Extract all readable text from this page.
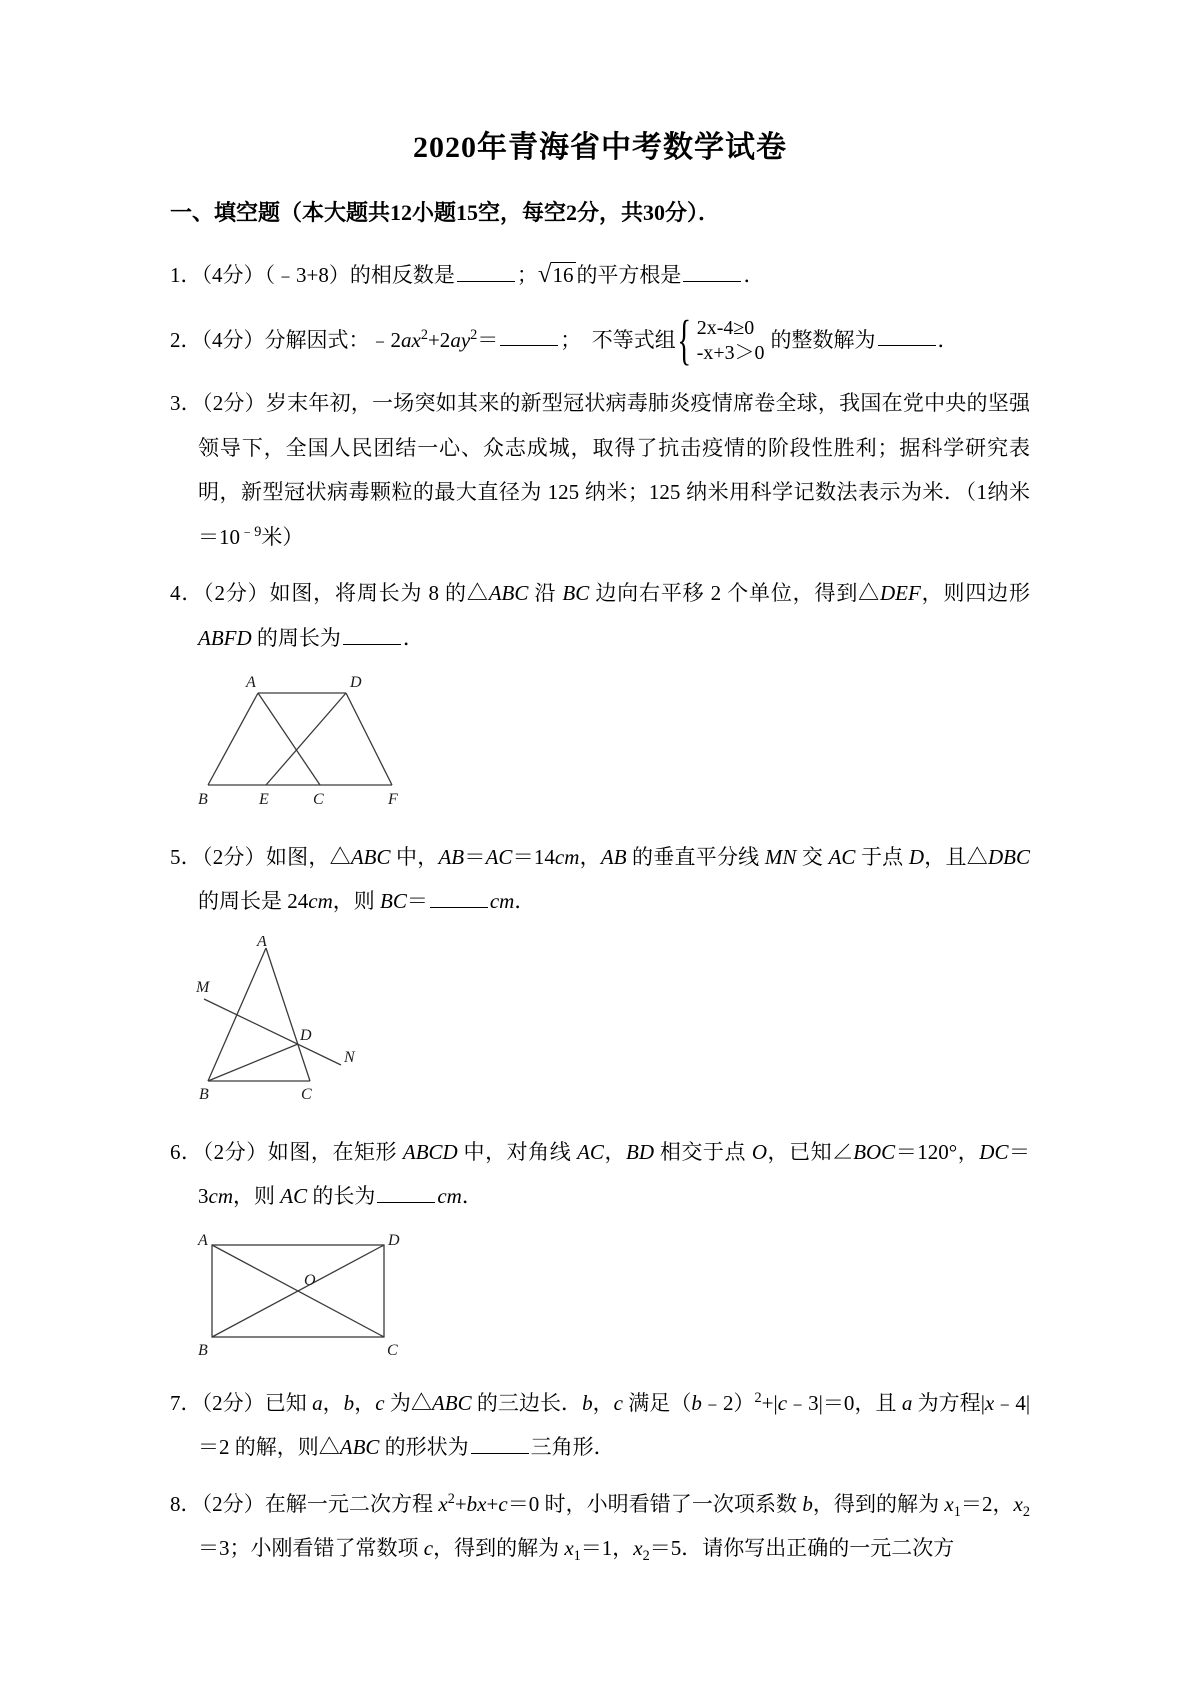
2020年青海省中考数学试卷
一、填空题（本大题共12小题15空，每空2分，共30分）．

1．（4分）（﹣3+8）的相反数是	；√16 的平方根是	．

2．（4分）分解因式：$﹣2ax^2+2ay^2=$	；  不等式组 { 2x-4≥0
-x+3＞0
的整数解为	．

3．（2分）岁末年初，一场突如其来的新型冠状病毒肺炎疫情席卷全球，我国在党中央的坚强领导下，全国人民团结一心、众志成城，取得了抗击疫情的阶段性胜利；据科学研究表明，新型冠状病毒颗粒的最大直径为 125 纳米；125 纳米用科学记数法表示为米．（1纳米$=10^{﹣9}$米）

4．（2分）如图，将周长为 8 的△ABC 沿 BC 边向右平移 2 个单位，得到△DEF，则四边形 ABFD 的周长为	．

A	D
B	E	C	F

5．（2分）如图，△ABC 中，AB＝AC＝14cm，AB 的垂直平分线 MN 交 AC 于点 D，且△DBC 的周长是 24cm，则 BC＝	cm．

A
M
B	C
D
N

6．（2分）如图，在矩形 ABCD 中，对角线 AC，BD 相交于点 O，已知∠BOC＝120°，DC＝3cm，则 AC 的长为	cm．

A	D
B	C
O

7．（2分）已知 a，b，c 为△ABC 的三边长．b，c 满足（b﹣2）$^2$+|c﹣3|＝0，且 a 为方程|x﹣4|＝2 的解，则△ABC 的形状为	三角形．

8．（2分）在解一元二次方程 $x^2+bx+c=0$ 时，小明看错了一次项系数 b，得到的解为 $x_1=2$，$x_2=3$；小刚看错了常数项 c，得到的解为 $x_1=1$，$x_2=5$．请你写出正确的一元二次方
